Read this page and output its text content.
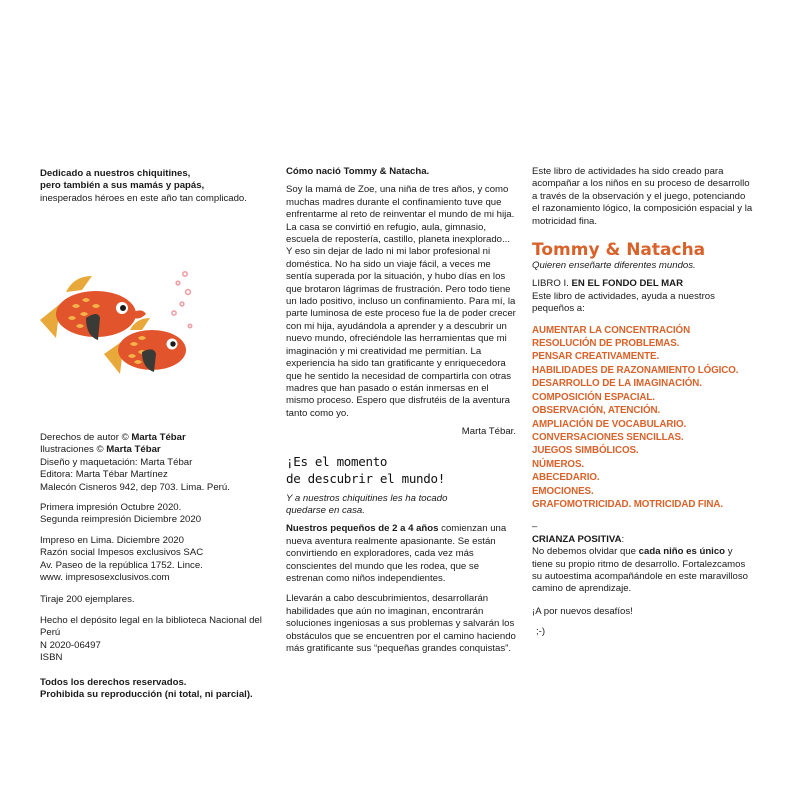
Dedicado a nuestros chiquitines,

pero también a sus mamás y papás,

inesperados héroes en este año tan complicado.

Derechos de autor © Marta Tébar

Ilustraciones © Marta Tébar

Diseño y maquetación: Marta Tébar

Editora: Marta Tébar Martínez

Malecón Cisneros 942, dep 703. Lima. Perú.

Primera impresión Octubre 2020.

Segunda reimpresión Diciembre 2020

Impreso en Lima. Diciembre 2020

Razón social Impesos exclusivos SAC

Av. Paseo de la república 1752. Lince.

www. impresosexclusivos.com

Tiraje 200 ejemplares.

Hecho el depósito legal en la biblioteca Nacional del Perú

N 2020-06497

ISBN

Todos los derechos reservados.

Prohibida su reproducción (ni total, ni parcial).

Cómo nació Tommy & Natacha.

Soy la mamá de Zoe, una niña de tres años, y como muchas madres durante el confinamiento tuve que enfrentarme al reto de reinventar el mundo de mi hija. La casa se convirtió en refugio, aula, gimnasio, escuela de repostería, castillo, planeta inexplorado... Y eso sin dejar de lado ni mi labor profesional ni doméstica. No ha sido un viaje fácil, a veces me sentía superada por la situación, y hubo días en los que brotaron lágrimas de frustración. Pero todo tiene un lado positivo, incluso un confinamiento. Para mí, la parte luminosa de este proceso fue la de poder crecer con mi hija, ayudándola a aprender y a descubrir un nuevo mundo, ofreciéndole las herramientas que mi imaginación y mi creatividad me permitían. La experiencia ha sido tan gratificante y enriquecedora que he sentido la necesidad de compartirla con otras madres que han pasado o están inmersas en el mismo proceso. Espero que disfrutéis de la aventura tanto como yo.

Marta Tébar.

¡Es el momento

de descubrir el mundo!

Y a nuestros chiquitines les ha tocado quedarse en casa.

Nuestros pequeños de 2 a 4 años comienzan una nueva aventura realmente apasionante. Se están convirtiendo en exploradores, cada vez más conscientes del mundo que les rodea, que se estrenan como niños independientes.

Llevarán a cabo descubrimientos, desarrollarán habilidades que aún no imaginan, encontrarán soluciones ingeniosas a sus problemas y salvarán los obstáculos que se encuentren por el camino haciendo más gratificante sus “pequeñas grandes conquistas”.

Este libro de actividades ha sido creado para acompañar a los niños en su proceso de desarrollo a través de la observación y el juego, potenciando el razonamiento lógico, la composición espacial y la motricidad fina.

Tommy & Natacha

Quieren enseñarte diferentes mundos.

LIBRO I. EN EL FONDO DEL MAR

Este libro de actividades, ayuda a nuestros pequeños a:

AUMENTAR LA CONCENTRACIÓN
RESOLUCIÓN DE PROBLEMAS.
PENSAR CREATIVAMENTE.
HABILIDADES DE RAZONAMIENTO LÓGICO.
DESARROLLO DE LA IMAGINACIÓN.
COMPOSICIÓN ESPACIAL.
OBSERVACIÓN, ATENCIÓN.
AMPLIACIÓN DE VOCABULARIO.
CONVERSACIONES SENCILLAS.
JUEGOS SIMBÓLICOS.
NÚMEROS.
ABECEDARIO.
EMOCIONES.
GRAFOMOTRICIDAD. MOTRICIDAD FINA.

–

CRIANZA POSITIVA:

No debemos olvidar que cada niño es único y tiene su propio ritmo de desarrollo. Fortalezcamos su autoestima acompañándole en este maravilloso camino de aprendizaje.

¡A por nuevos desafíos!

;-)
